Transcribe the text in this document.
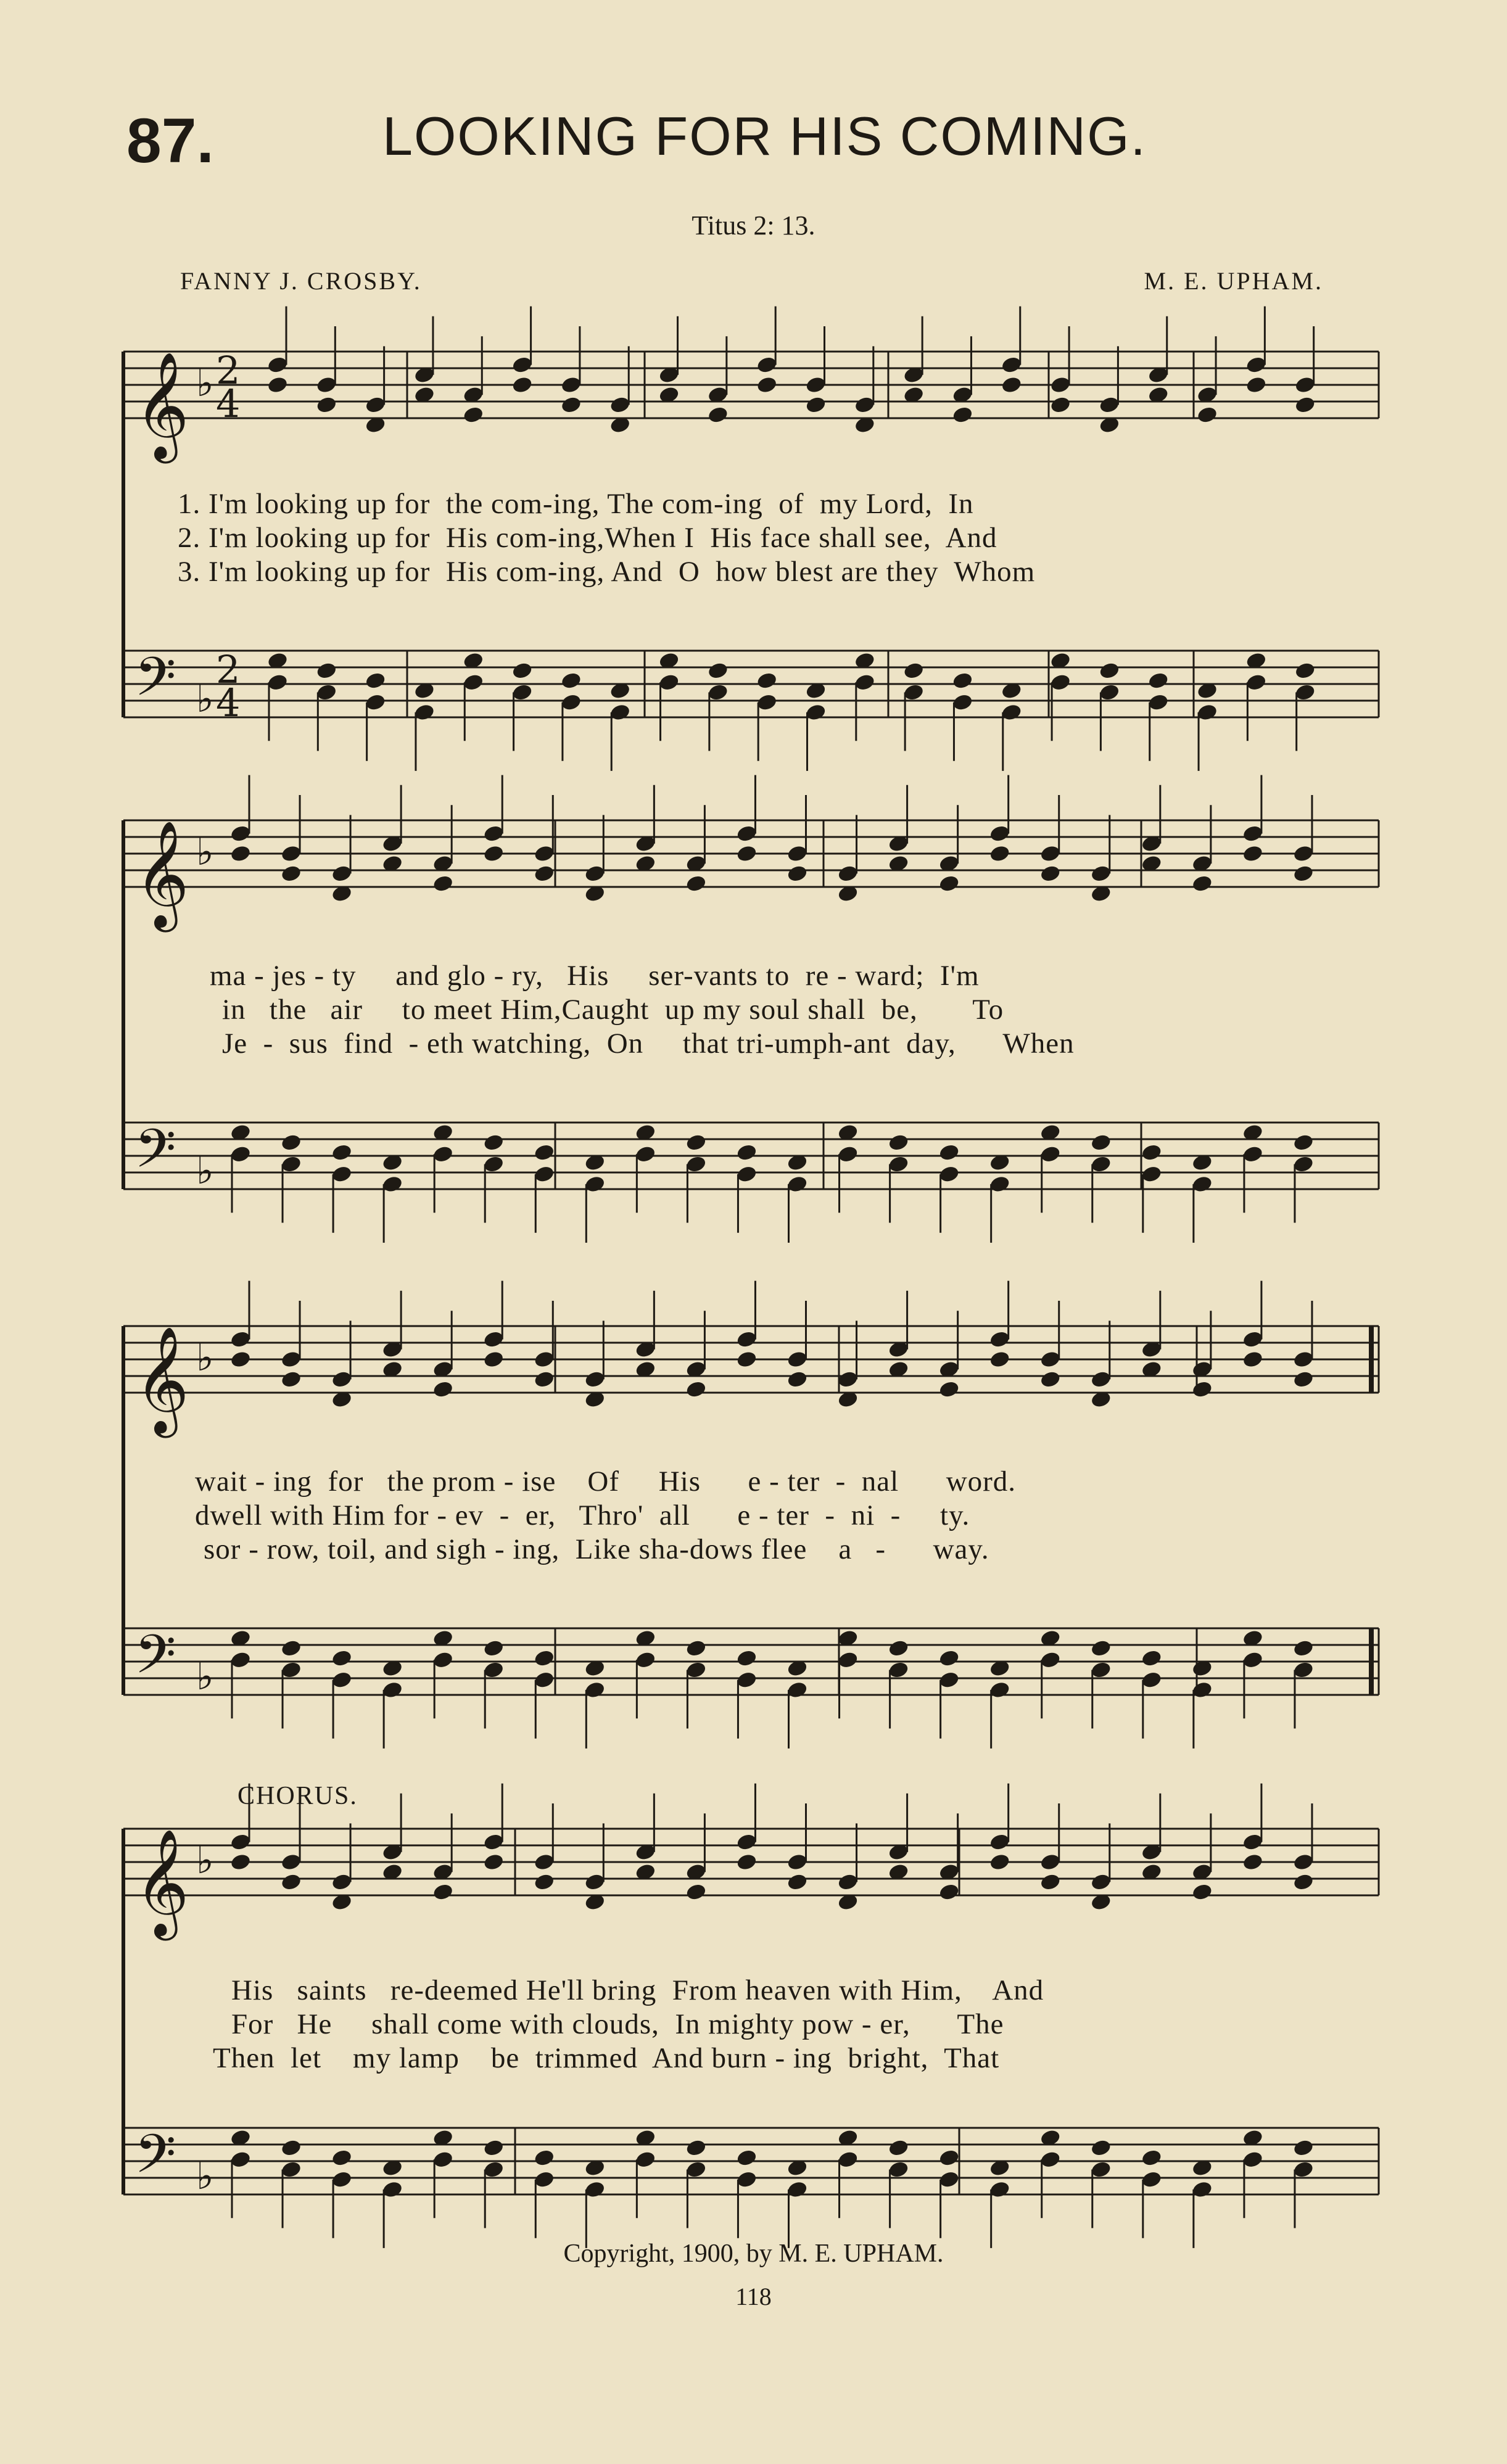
87.	LOOKING FOR HIS COMING.
Titus 2: 13.
FANNY J. CROSBY.	M. E. UPHAM.
𝄞
𝄢
♭
♭
2
4
2
4
𝄞
𝄢
♭
♭
𝄞
𝄢
♭
♭
𝄞
𝄢
♭
♭
1. I'm looking up for  the com-ing, The com-ing  of  my Lord,  In
2. I'm looking up for  His com-ing,When I  His face shall see,  And
3. I'm looking up for  His com-ing, And  O  how blest are they  Whom
ma - jes - ty     and glo - ry,   His     ser-vants to  re - ward;  I'm
in   the   air     to meet Him,Caught  up my soul shall  be,       To
Je  -  sus  find  - eth watching,  On     that tri-umph-ant  day,      When
wait - ing  for   the prom - ise    Of     His      e - ter  -  nal      word.
dwell with Him for - ev  -  er,   Thro'  all      e - ter  -  ni  -     ty.
sor - row, toil, and sigh - ing,  Like sha-dows flee    a   -      way.
CHORUS.
His   saints   re-deemed He'll bring  From heaven with Him,    And
For   He     shall come with clouds,  In mighty pow - er,      The
Then  let    my lamp    be  trimmed  And burn - ing  bright,  That
Copyright, 1900, by M. E. UPHAM.
118
